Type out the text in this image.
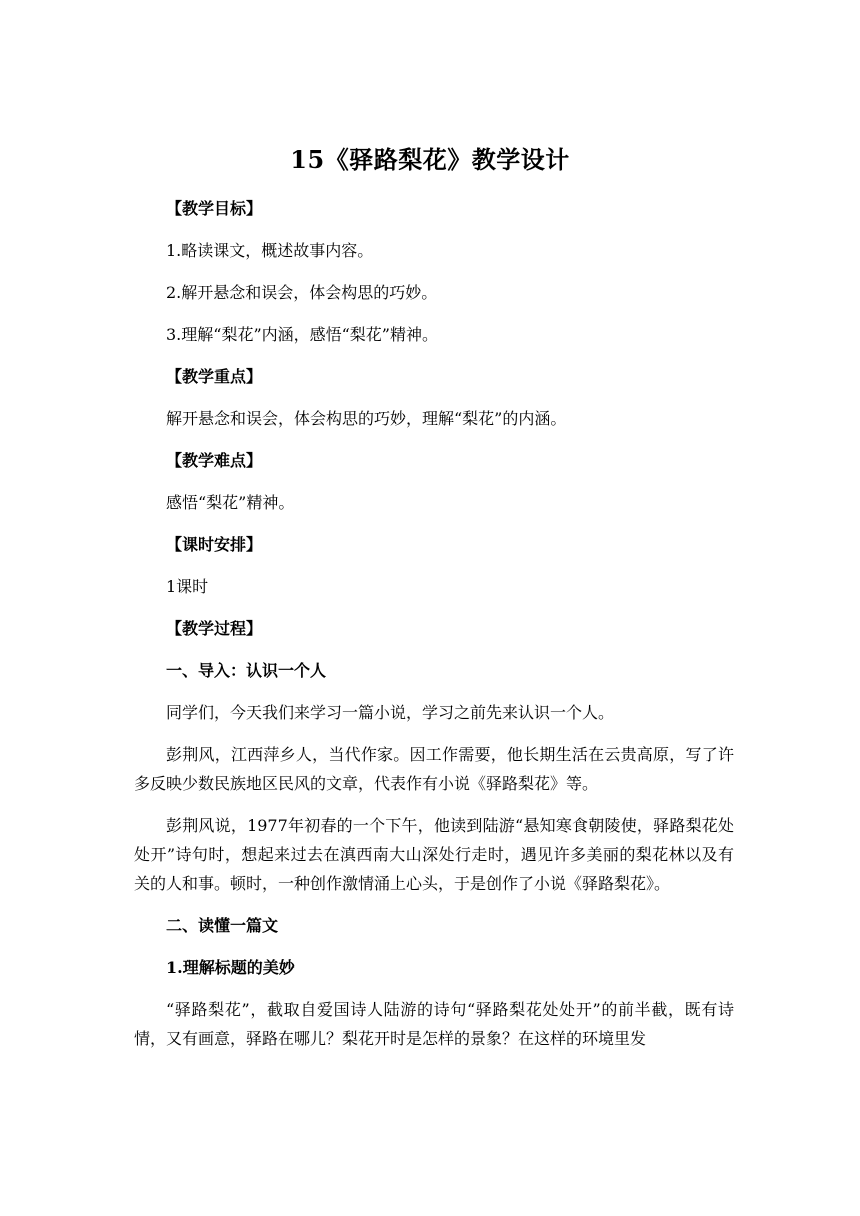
15《驿路梨花》教学设计

【教学目标】

1.略读课文，概述故事内容。

2.解开悬念和误会，体会构思的巧妙。

3.理解“梨花”内涵，感悟“梨花”精神。

【教学重点】

解开悬念和误会，体会构思的巧妙，理解“梨花”的内涵。

【教学难点】

感悟“梨花”精神。

【课时安排】

1课时

【教学过程】

一、导入：认识一个人

同学们，今天我们来学习一篇小说，学习之前先来认识一个人。

彭荆风，江西萍乡人，当代作家。因工作需要，他长期生活在云贵高原，写了许多反映少数民族地区民风的文章，代表作有小说《驿路梨花》等。

彭荆风说，1977年初春的一个下午，他读到陆游“悬知寒食朝陵使，驿路梨花处处开”诗句时，想起来过去在滇西南大山深处行走时，遇见许多美丽的梨花林以及有关的人和事。顿时，一种创作激情涌上心头，于是创作了小说《驿路梨花》。

二、读懂一篇文

1.理解标题的美妙

“驿路梨花”，截取自爱国诗人陆游的诗句“驿路梨花处处开”的前半截，既有诗情，又有画意，驿路在哪儿？梨花开时是怎样的景象？在这样的环境里发
